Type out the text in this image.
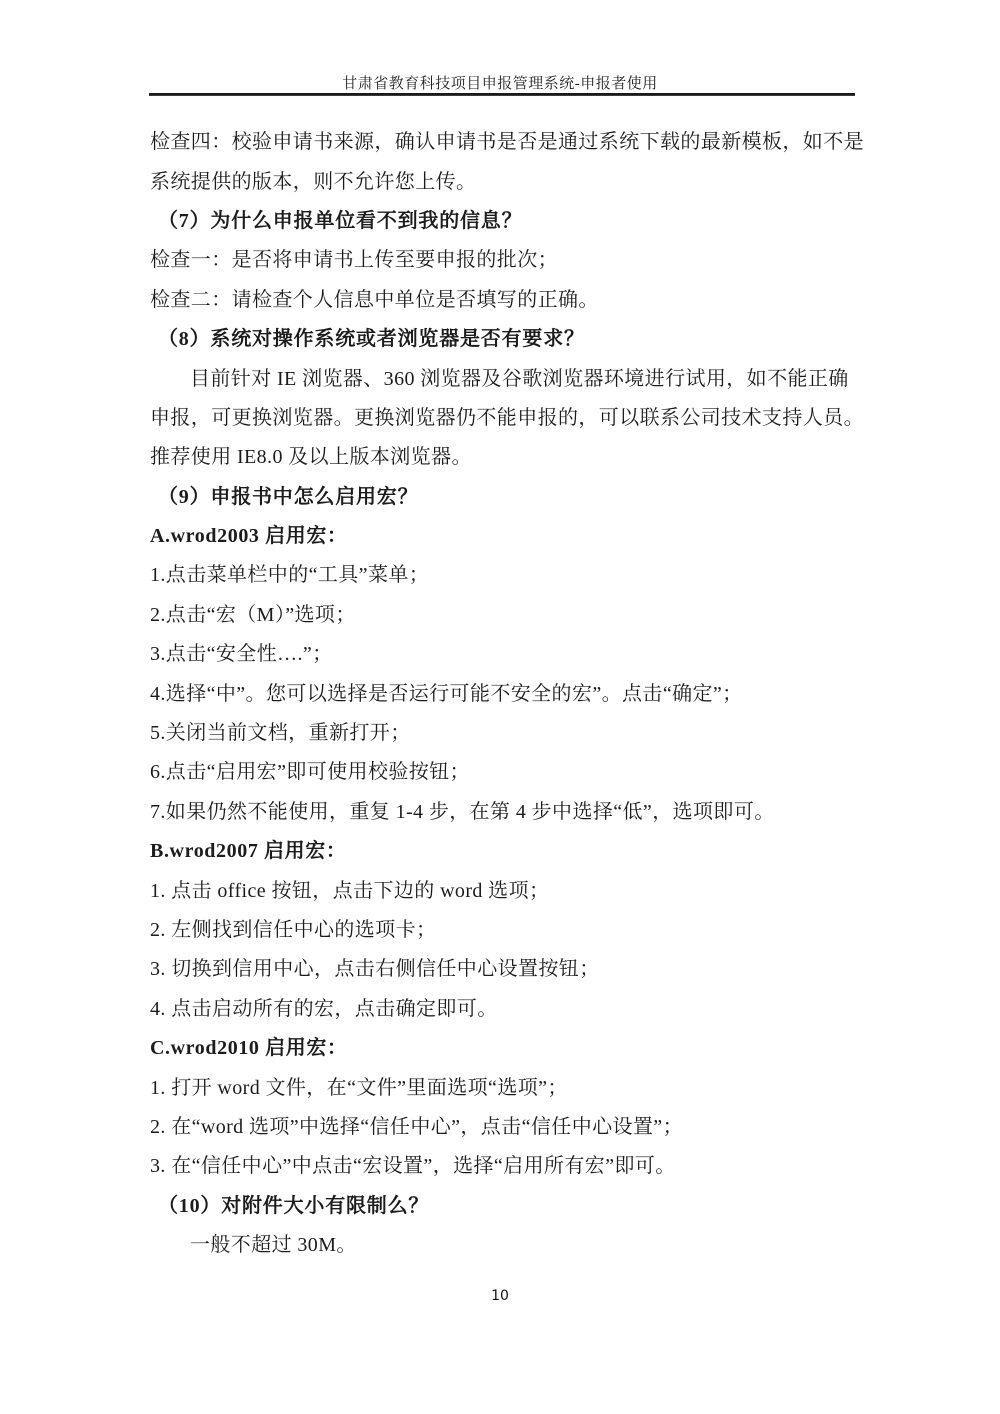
甘肃省教育科技项目申报管理系统-申报者使用
检查四：校验申请书来源，确认申请书是否是通过系统下载的最新模板，如不是
系统提供的版本，则不允许您上传。
（7）为什么申报单位看不到我的信息？
检查一：是否将申请书上传至要申报的批次；
检查二：请检查个人信息中单位是否填写的正确。
（8）系统对操作系统或者浏览器是否有要求？
目前针对 IE 浏览器、360 浏览器及谷歌浏览器环境进行试用，如不能正确
申报，可更换浏览器。更换浏览器仍不能申报的，可以联系公司技术支持人员。
推荐使用 IE8.0 及以上版本浏览器。
（9）申报书中怎么启用宏？
A.wrod2003 启用宏：
1.点击菜单栏中的“工具”菜单；
2.点击“宏（M）”选项；
3.点击“安全性….”；
4.选择“中”。您可以选择是否运行可能不安全的宏”。点击“确定”；
5.关闭当前文档，重新打开；
6.点击“启用宏”即可使用校验按钮；
7.如果仍然不能使用，重复 1-4 步，在第 4 步中选择“低”，选项即可。
B.wrod2007 启用宏：
1. 点击 office 按钮，点击下边的 word 选项；
2. 左侧找到信任中心的选项卡；
3. 切换到信用中心，点击右侧信任中心设置按钮；
4. 点击启动所有的宏，点击确定即可。
C.wrod2010 启用宏：
1. 打开 word 文件，在“文件”里面选项“选项”；
2. 在“word 选项”中选择“信任中心”，点击“信任中心设置”；
3. 在“信任中心”中点击“宏设置”，选择“启用所有宏”即可。
（10）对附件大小有限制么？
一般不超过 30M。
10
